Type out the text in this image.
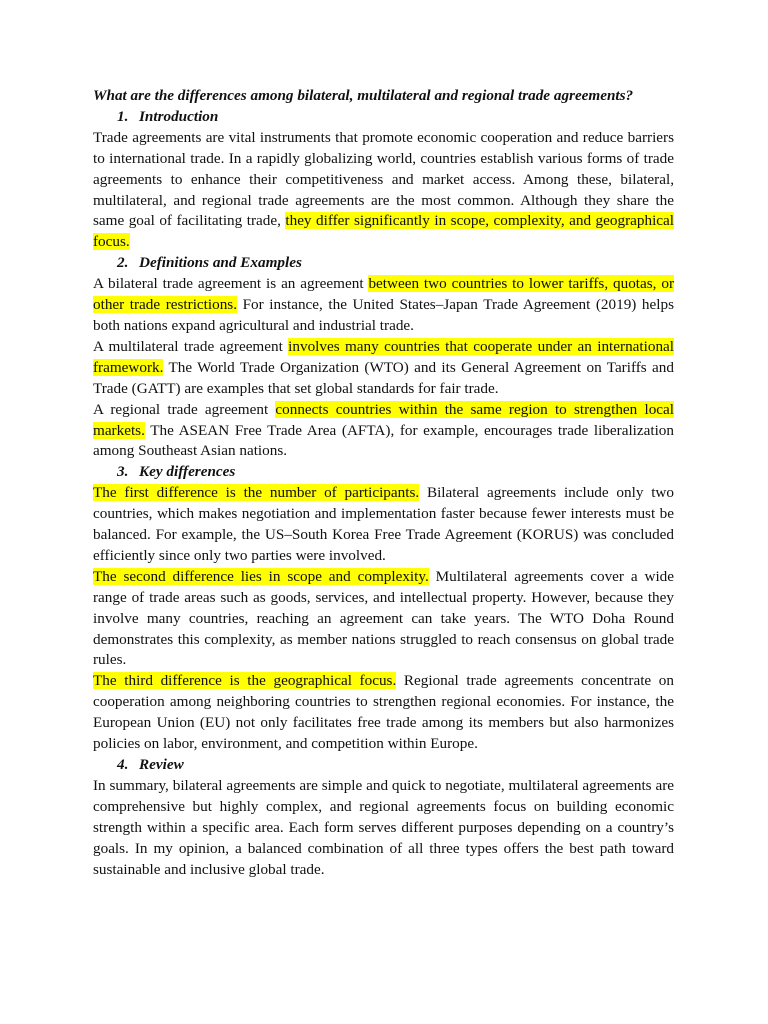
What are the differences among bilateral, multilateral and regional trade agreements?
1. Introduction

Trade agreements are vital instruments that promote economic cooperation and reduce barriers to international trade. In a rapidly globalizing world, countries establish various forms of trade agreements to enhance their competitiveness and market access. Among these, bilateral, multilateral, and regional trade agreements are the most common. Although they share the same goal of facilitating trade, they differ significantly in scope, complexity, and geographical focus.

2. Definitions and Examples

A bilateral trade agreement is an agreement between two countries to lower tariffs, quotas, or other trade restrictions. For instance, the United States–Japan Trade Agreement (2019) helps both nations expand agricultural and industrial trade.

A multilateral trade agreement involves many countries that cooperate under an international framework. The World Trade Organization (WTO) and its General Agreement on Tariffs and Trade (GATT) are examples that set global standards for fair trade.

A regional trade agreement connects countries within the same region to strengthen local markets. The ASEAN Free Trade Area (AFTA), for example, encourages trade liberalization among Southeast Asian nations.

3. Key differences

The first difference is the number of participants. Bilateral agreements include only two countries, which makes negotiation and implementation faster because fewer interests must be balanced. For example, the US–South Korea Free Trade Agreement (KORUS) was concluded efficiently since only two parties were involved.

The second difference lies in scope and complexity. Multilateral agreements cover a wide range of trade areas such as goods, services, and intellectual property. However, because they involve many countries, reaching an agreement can take years. The WTO Doha Round demonstrates this complexity, as member nations struggled to reach consensus on global trade rules.

The third difference is the geographical focus. Regional trade agreements concentrate on cooperation among neighboring countries to strengthen regional economies. For instance, the European Union (EU) not only facilitates free trade among its members but also harmonizes policies on labor, environment, and competition within Europe.

4. Review

In summary, bilateral agreements are simple and quick to negotiate, multilateral agreements are comprehensive but highly complex, and regional agreements focus on building economic strength within a specific area. Each form serves different purposes depending on a country’s goals. In my opinion, a balanced combination of all three types offers the best path toward sustainable and inclusive global trade.
